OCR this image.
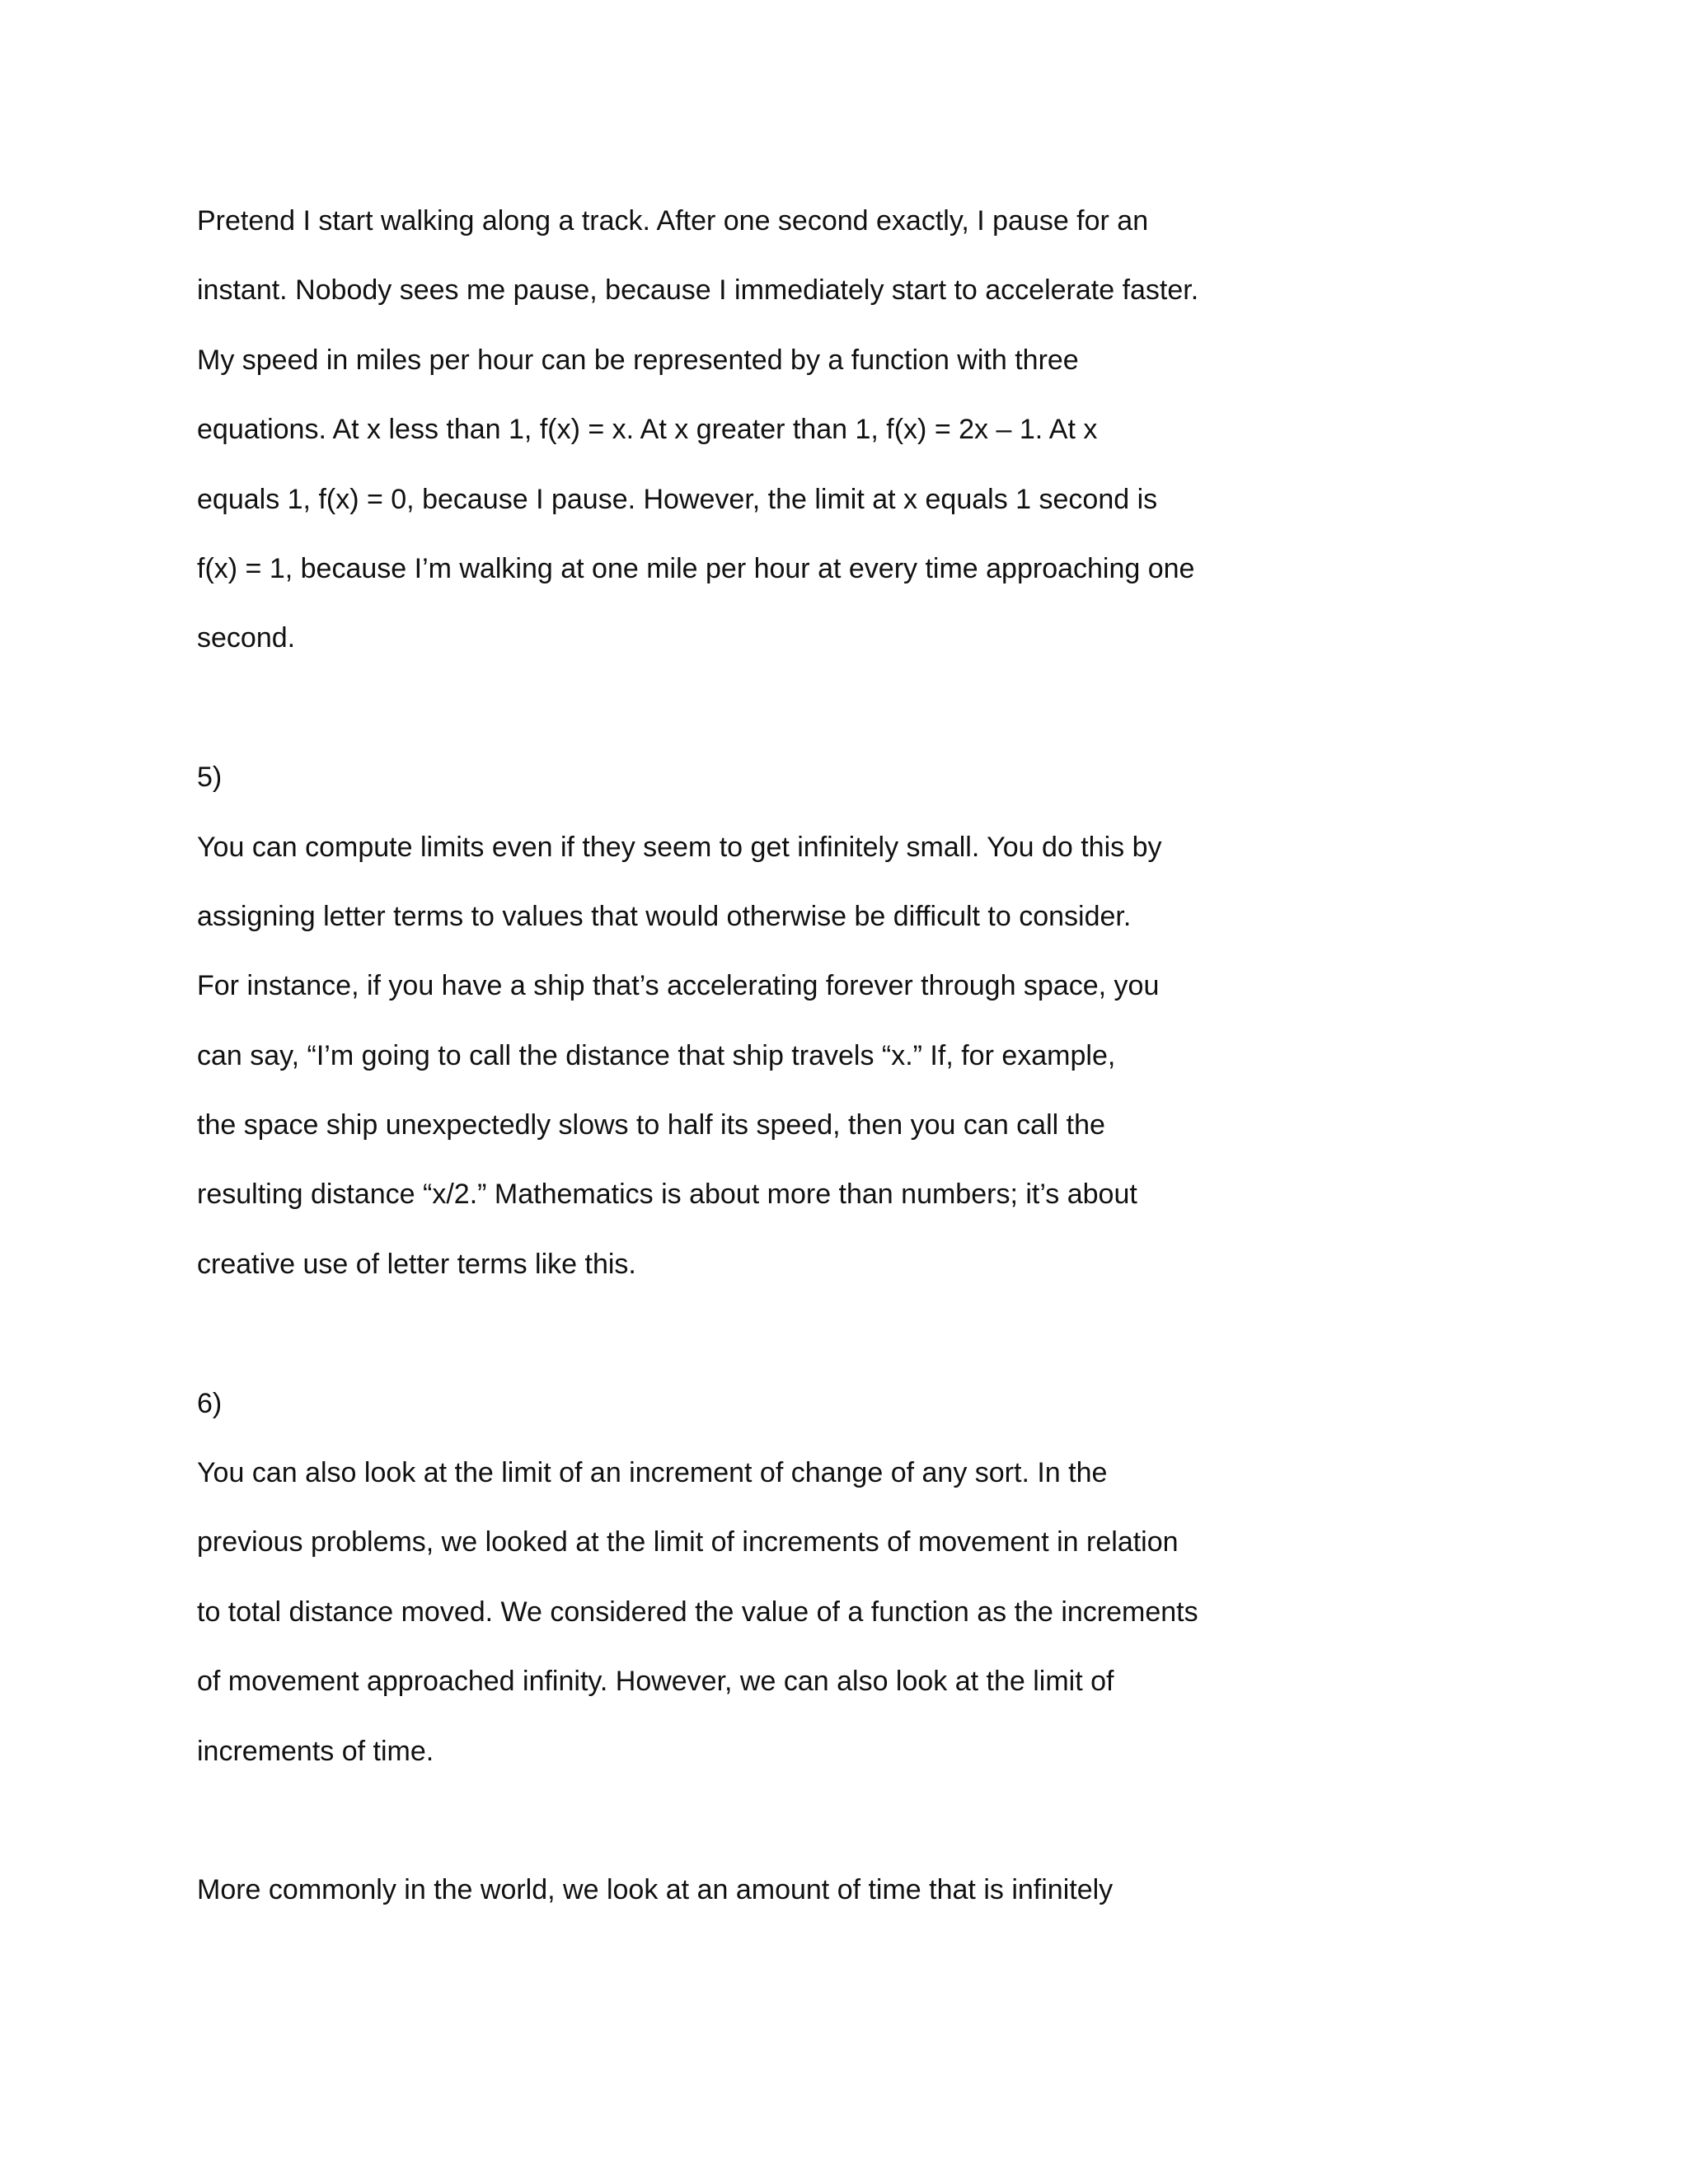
Pretend I start walking along a track. After one second exactly, I pause for an
instant. Nobody sees me pause, because I immediately start to accelerate faster.
My speed in miles per hour can be represented by a function with three
equations. At x less than 1, f(x) = x. At x greater than 1, f(x) = 2x – 1. At x
equals 1, f(x) = 0, because I pause. However, the limit at x equals 1 second is
f(x) = 1, because I’m walking at one mile per hour at every time approaching one
second.
5)
You can compute limits even if they seem to get infinitely small. You do this by
assigning letter terms to values that would otherwise be difficult to consider.
For instance, if you have a ship that’s accelerating forever through space, you
can say, “I’m going to call the distance that ship travels “x.” If, for example,
the space ship unexpectedly slows to half its speed, then you can call the
resulting distance “x/2.” Mathematics is about more than numbers; it’s about
creative use of letter terms like this.
6)
You can also look at the limit of an increment of change of any sort. In the
previous problems, we looked at the limit of increments of movement in relation
to total distance moved. We considered the value of a function as the increments
of movement approached infinity. However, we can also look at the limit of
increments of time.
More commonly in the world, we look at an amount of time that is infinitely
